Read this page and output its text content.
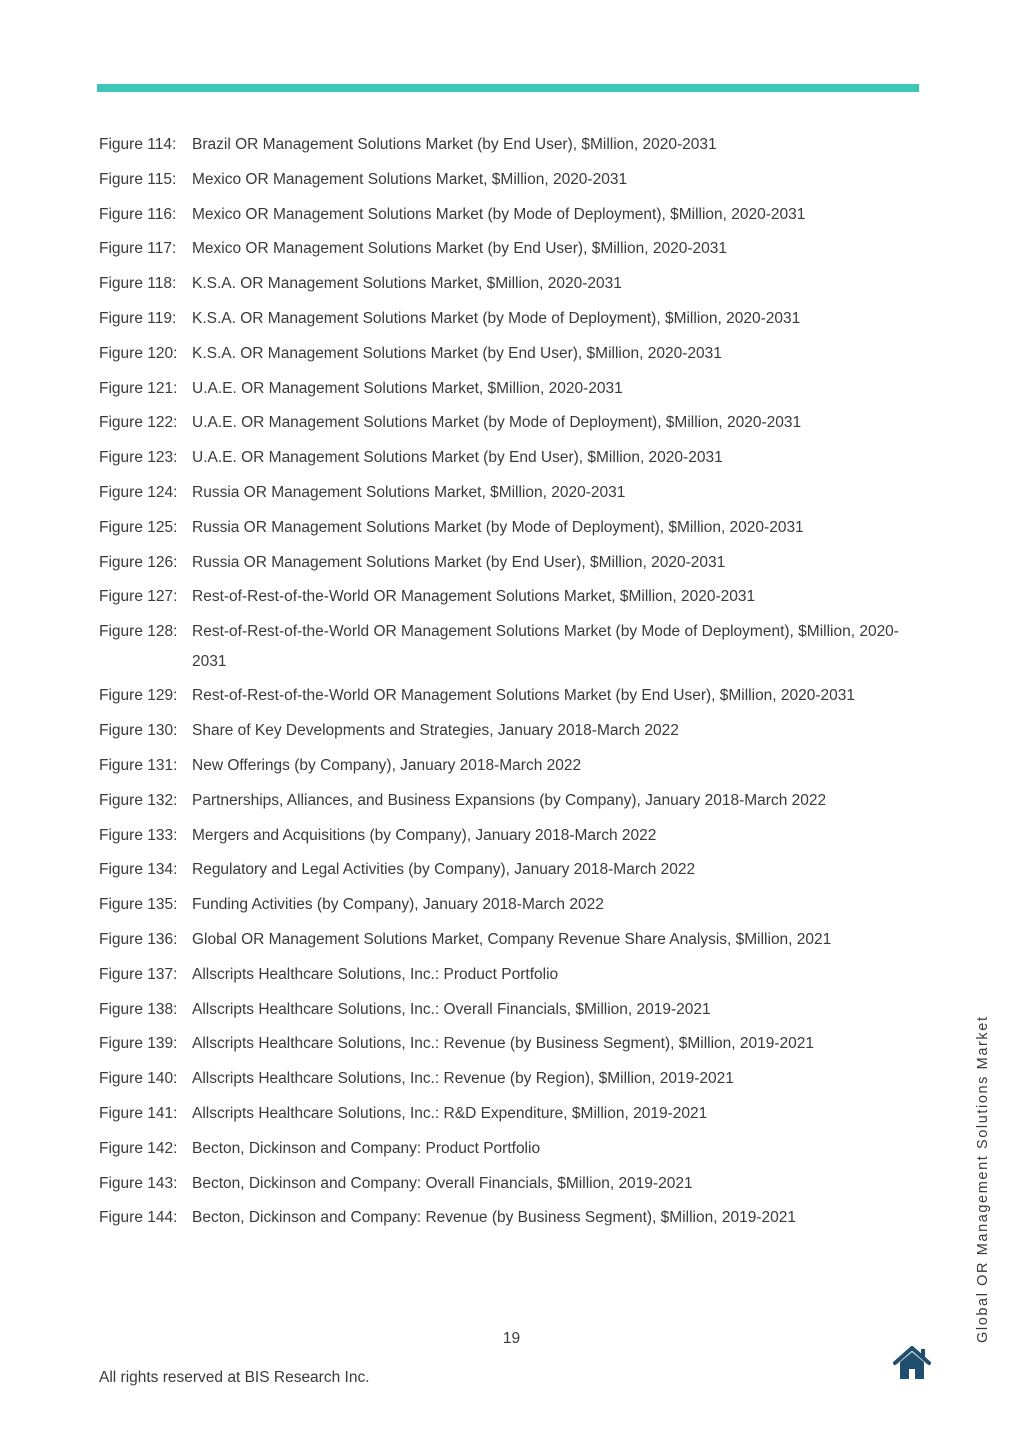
Figure 114:	Brazil OR Management Solutions Market (by End User), $Million, 2020-2031
Figure 115:	Mexico OR Management Solutions Market, $Million, 2020-2031
Figure 116:	Mexico OR Management Solutions Market (by Mode of Deployment), $Million, 2020-2031
Figure 117:	Mexico OR Management Solutions Market (by End User), $Million, 2020-2031
Figure 118:	K.S.A. OR Management Solutions Market, $Million, 2020-2031
Figure 119:	K.S.A. OR Management Solutions Market (by Mode of Deployment), $Million, 2020-2031
Figure 120: K.S.A. OR Management Solutions Market (by End User), $Million, 2020-2031
Figure 121: U.A.E. OR Management Solutions Market, $Million, 2020-2031
Figure 122: U.A.E. OR Management Solutions Market (by Mode of Deployment), $Million, 2020-2031
Figure 123: U.A.E. OR Management Solutions Market (by End User), $Million, 2020-2031
Figure 124: Russia OR Management Solutions Market, $Million, 2020-2031
Figure 125: Russia OR Management Solutions Market (by Mode of Deployment), $Million, 2020-2031
Figure 126: Russia OR Management Solutions Market (by End User), $Million, 2020-2031
Figure 127: Rest-of-Rest-of-the-World OR Management Solutions Market, $Million, 2020-2031
Figure 128: Rest-of-Rest-of-the-World OR Management Solutions Market (by Mode of Deployment), $Million, 2020-2031
Figure 129: Rest-of-Rest-of-the-World OR Management Solutions Market (by End User), $Million, 2020-2031
Figure 130: Share of Key Developments and Strategies, January 2018-March 2022
Figure 131: New Offerings (by Company), January 2018-March 2022
Figure 132: Partnerships, Alliances, and Business Expansions (by Company), January 2018-March 2022
Figure 133: Mergers and Acquisitions (by Company), January 2018-March 2022
Figure 134: Regulatory and Legal Activities (by Company), January 2018-March 2022
Figure 135: Funding Activities (by Company), January 2018-March 2022
Figure 136: Global OR Management Solutions Market, Company Revenue Share Analysis, $Million, 2021
Figure 137: Allscripts Healthcare Solutions, Inc.: Product Portfolio
Figure 138: Allscripts Healthcare Solutions, Inc.: Overall Financials, $Million, 2019-2021
Figure 139: Allscripts Healthcare Solutions, Inc.: Revenue (by Business Segment), $Million, 2019-2021
Figure 140: Allscripts Healthcare Solutions, Inc.: Revenue (by Region), $Million, 2019-2021
Figure 141: Allscripts Healthcare Solutions, Inc.: R&D Expenditure, $Million, 2019-2021
Figure 142: Becton, Dickinson and Company: Product Portfolio
Figure 143: Becton, Dickinson and Company: Overall Financials, $Million, 2019-2021
Figure 144: Becton, Dickinson and Company: Revenue (by Business Segment), $Million, 2019-2021
19
All rights reserved at BIS Research Inc.
Global OR Management Solutions Market
